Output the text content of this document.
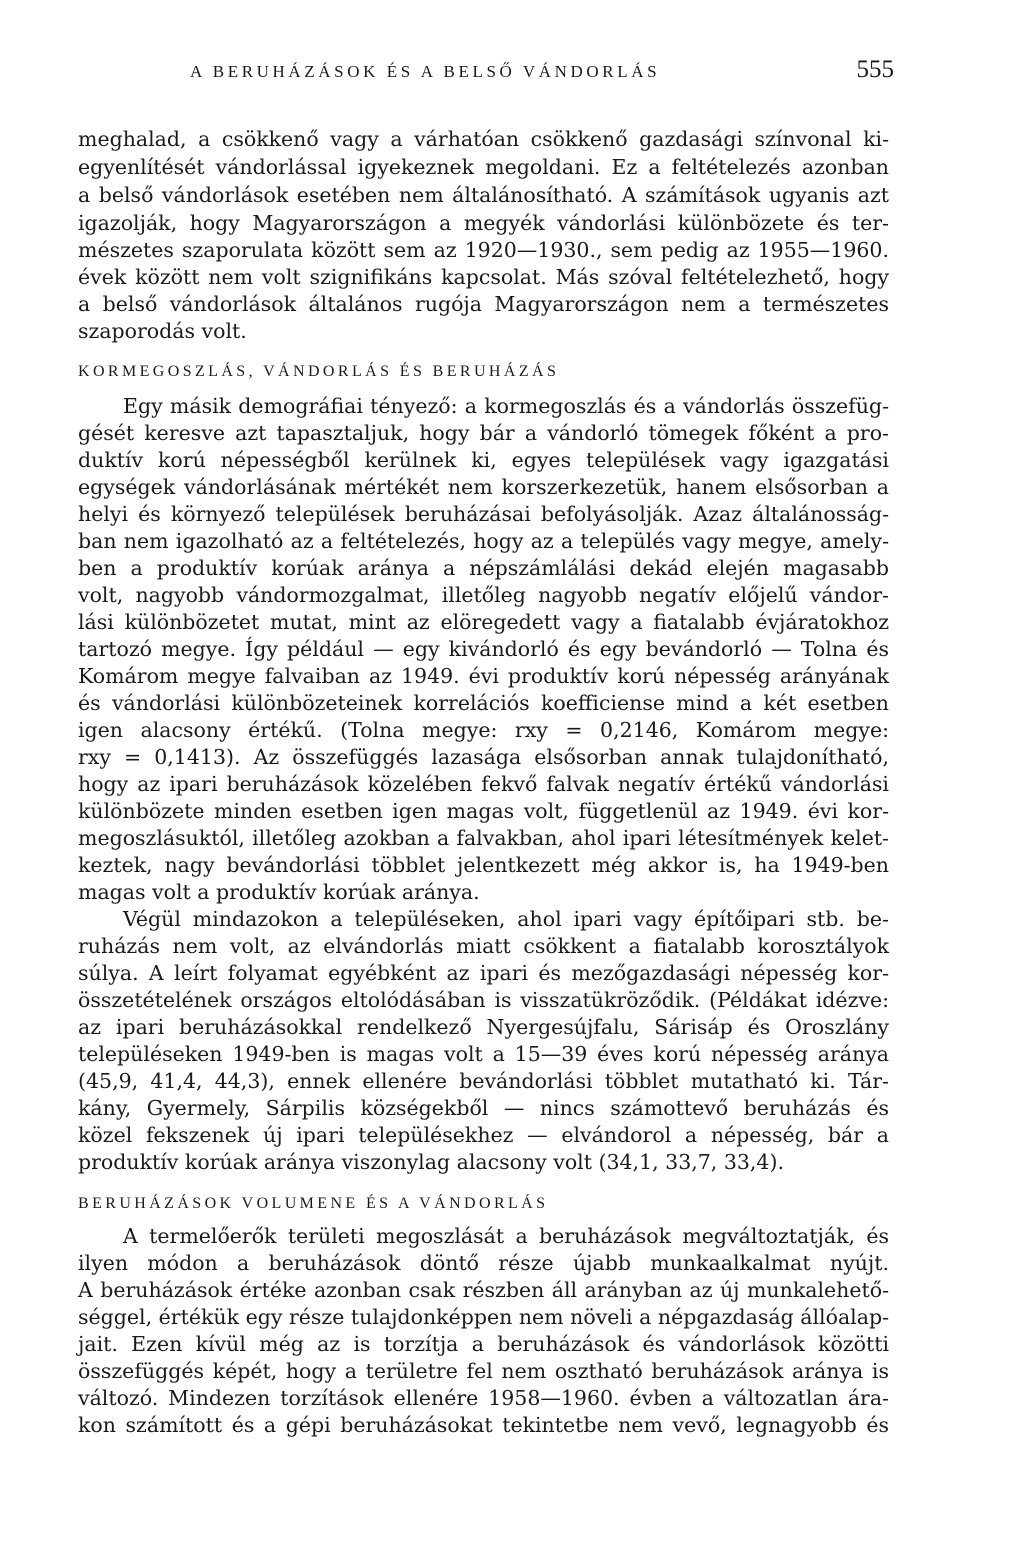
A BERUHÁZÁSOK ÉS A BELSŐ VÁNDORLÁS	555
meghalad, a csökkenő vagy a várhatóan csökkenő gazdasági színvonal ki-
egyenlítését vándorlással igyekeznek megoldani. Ez a feltételezés azonban
a belső vándorlások esetében nem általánosítható. A számítások ugyanis azt
igazolják, hogy Magyarországon a megyék vándorlási különbözete és ter-
mészetes szaporulata között sem az 1920—1930., sem pedig az 1955—1960.
évek között nem volt szignifikáns kapcsolat. Más szóval feltételezhető, hogy
a belső vándorlások általános rugója Magyarországon nem a természetes
szaporodás volt.
KORMEGOSZLÁS, VÁNDORLÁS ÉS BERUHÁZÁS
Egy másik demográfiai tényező: a kormegoszlás és a vándorlás összefüg-
gését keresve azt tapasztaljuk, hogy bár a vándorló tömegek főként a pro-
duktív korú népességből kerülnek ki, egyes települések vagy igazgatási
egységek vándorlásának mértékét nem korszerkezetük, hanem elsősorban a
helyi és környező települések beruházásai befolyásolják. Azaz általánosság-
ban nem igazolható az a feltételezés, hogy az a település vagy megye, amely-
ben a produktív korúak aránya a népszámlálási dekád elején magasabb
volt, nagyobb vándormozgalmat, illetőleg nagyobb negatív előjelű vándor-
lási különbözetet mutat, mint az elöregedett vagy a fiatalabb évjáratokhoz
tartozó megye. Így például — egy kivándorló és egy bevándorló — Tolna és
Komárom megye falvaiban az 1949. évi produktív korú népesség arányának
és vándorlási különbözeteinek korrelációs koefficiense mind a két esetben
igen alacsony értékű. (Tolna megye: rxy = 0,2146, Komárom megye:
rxy = 0,1413). Az összefüggés lazasága elsősorban annak tulajdonítható,
hogy az ipari beruházások közelében fekvő falvak negatív értékű vándorlási
különbözete minden esetben igen magas volt, függetlenül az 1949. évi kor-
megoszlásuktól, illetőleg azokban a falvakban, ahol ipari létesítmények kelet-
keztek, nagy bevándorlási többlet jelentkezett még akkor is, ha 1949-ben
magas volt a produktív korúak aránya.
Végül mindazokon a településeken, ahol ipari vagy építőipari stb. be-
ruházás nem volt, az elvándorlás miatt csökkent a fiatalabb korosztályok
súlya. A leírt folyamat egyébként az ipari és mezőgazdasági népesség kor-
összetételének országos eltolódásában is visszatükröződik. (Példákat idézve:
az ipari beruházásokkal rendelkező Nyergesújfalu, Sárisáp és Oroszlány
településeken 1949-ben is magas volt a 15—39 éves korú népesség aránya
(45,9, 41,4, 44,3), ennek ellenére bevándorlási többlet mutatható ki. Tár-
kány, Gyermely, Sárpilis községekből — nincs számottevő beruházás és
közel fekszenek új ipari településekhez — elvándorol a népesség, bár a
produktív korúak aránya viszonylag alacsony volt (34,1, 33,7, 33,4).
BERUHÁZÁSOK VOLUMENE ÉS A VÁNDORLÁS
A termelőerők területi megoszlását a beruházások megváltoztatják, és
ilyen módon a beruházások döntő része újabb munkaalkalmat nyújt.
A beruházások értéke azonban csak részben áll arányban az új munkalehető-
séggel, értékük egy része tulajdonképpen nem növeli a népgazdaság állóalap-
jait. Ezen kívül még az is torzítja a beruházások és vándorlások közötti
összefüggés képét, hogy a területre fel nem osztható beruházások aránya is
változó. Mindezen torzítások ellenére 1958—1960. évben a változatlan ára-
kon számított és a gépi beruházásokat tekintetbe nem vevő, legnagyobb és
